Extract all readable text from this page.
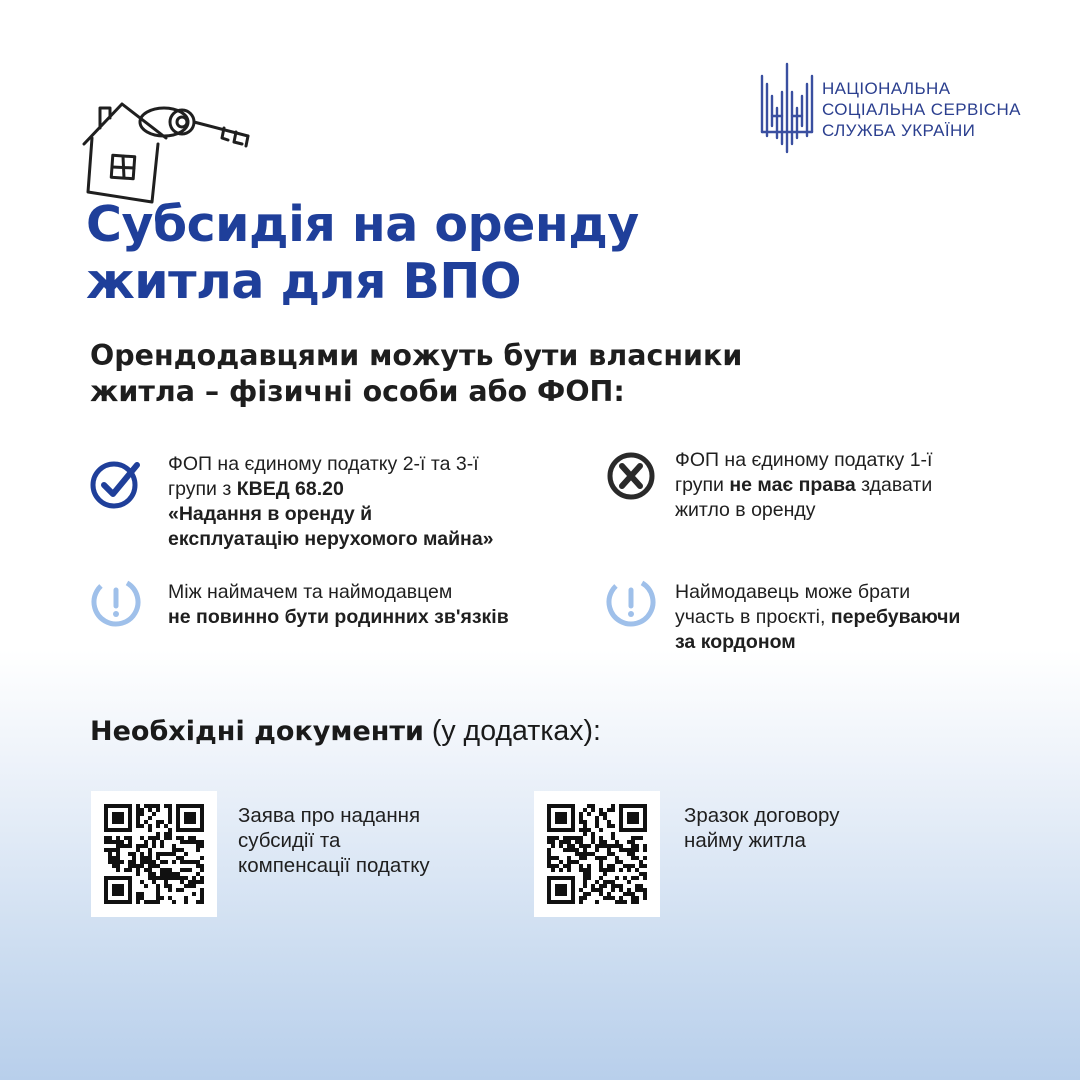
НАЦІОНАЛЬНА
СОЦІАЛЬНА СЕРВІСНА
СЛУЖБА УКРАЇНИ
Субсидія на оренду
житла для ВПО
Орендодавцями можуть бути власники
житла – фізичні особи або ФОП:
ФОП на єдиному податку 2-ї та 3-ї
групи з КВЕД 68.20
«Надання в оренду й
експлуатацію нерухомого майна»
ФОП на єдиному податку 1-ї
групи не має права здавати
житло в оренду
Між наймачем та наймодавцем
не повинно бути родинних зв'язків
Наймодавець може брати
участь в проєкті, перебуваючи
за кордоном
Необхідні документи (у додатках):
Заява про надання
субсидії та
компенсації податку
Зразок договору
найму житла
